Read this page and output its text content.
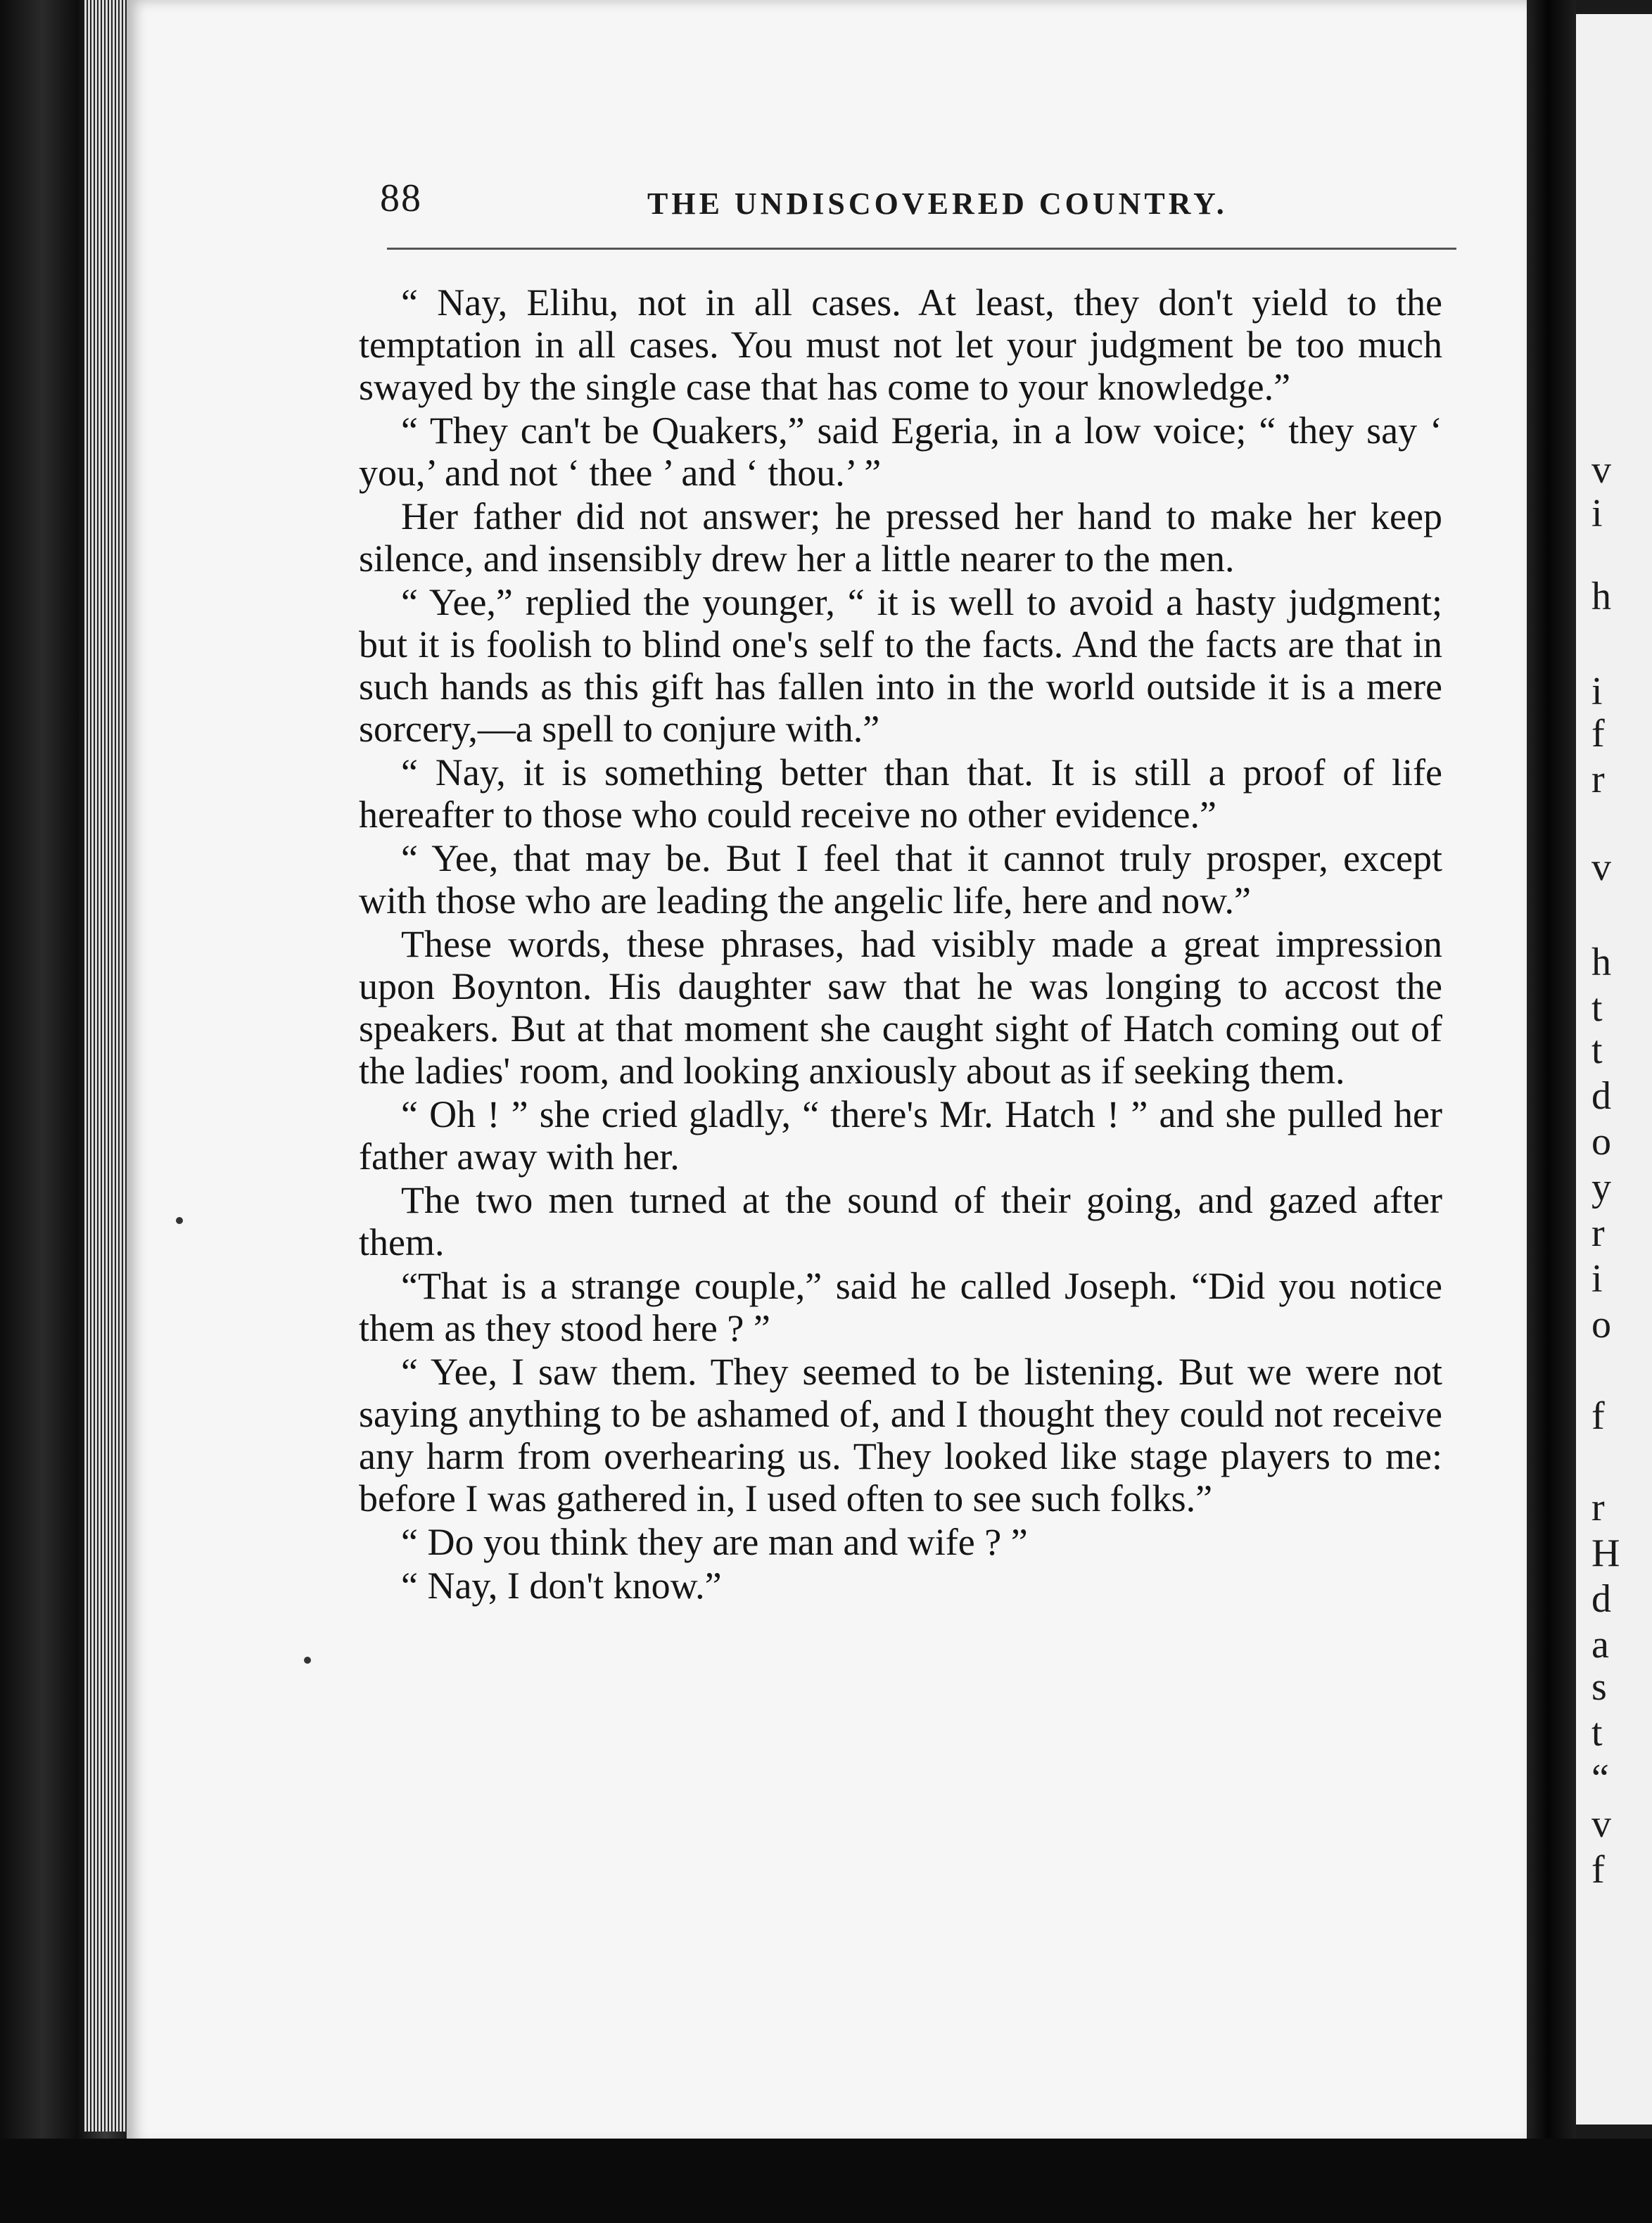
v
i
h
i
f
r
v
h
t
t
d
o
y
r
i
o
f
r
H
d
a
s
t
“
v
f
88	THE UNDISCOVERED COUNTRY.

“ Nay, Elihu, not in all cases. At least, they don't yield to the temptation in all cases. You must not let your judgment be too much swayed by the single case that has come to your knowledge.”

“ They can't be Quakers,” said Egeria, in a low voice; “ they say ‘ you,’ and not ‘ thee ’ and ‘ thou.’ ”

Her father did not answer; he pressed her hand to make her keep silence, and insensibly drew her a little nearer to the men.

“ Yee,” replied the younger, “ it is well to avoid a hasty judgment; but it is foolish to blind one's self to the facts. And the facts are that in such hands as this gift has fallen into in the world outside it is a mere sorcery,—a spell to conjure with.”

“ Nay, it is something better than that. It is still a proof of life hereafter to those who could receive no other evidence.”

“ Yee, that may be. But I feel that it cannot truly prosper, except with those who are leading the angelic life, here and now.”

These words, these phrases, had visibly made a great impression upon Boynton. His daughter saw that he was longing to accost the speakers. But at that moment she caught sight of Hatch coming out of the ladies' room, and looking anxiously about as if seeking them.

“ Oh ! ” she cried gladly, “ there's Mr. Hatch ! ” and she pulled her father away with her.

The two men turned at the sound of their going, and gazed after them.

“That is a strange couple,” said he called Joseph. “Did you notice them as they stood here ? ”

“ Yee, I saw them. They seemed to be listening. But we were not saying anything to be ashamed of, and I thought they could not receive any harm from overhearing us. They looked like stage players to me: before I was gathered in, I used often to see such folks.”

“ Do you think they are man and wife ? ”

“ Nay, I don't know.”
